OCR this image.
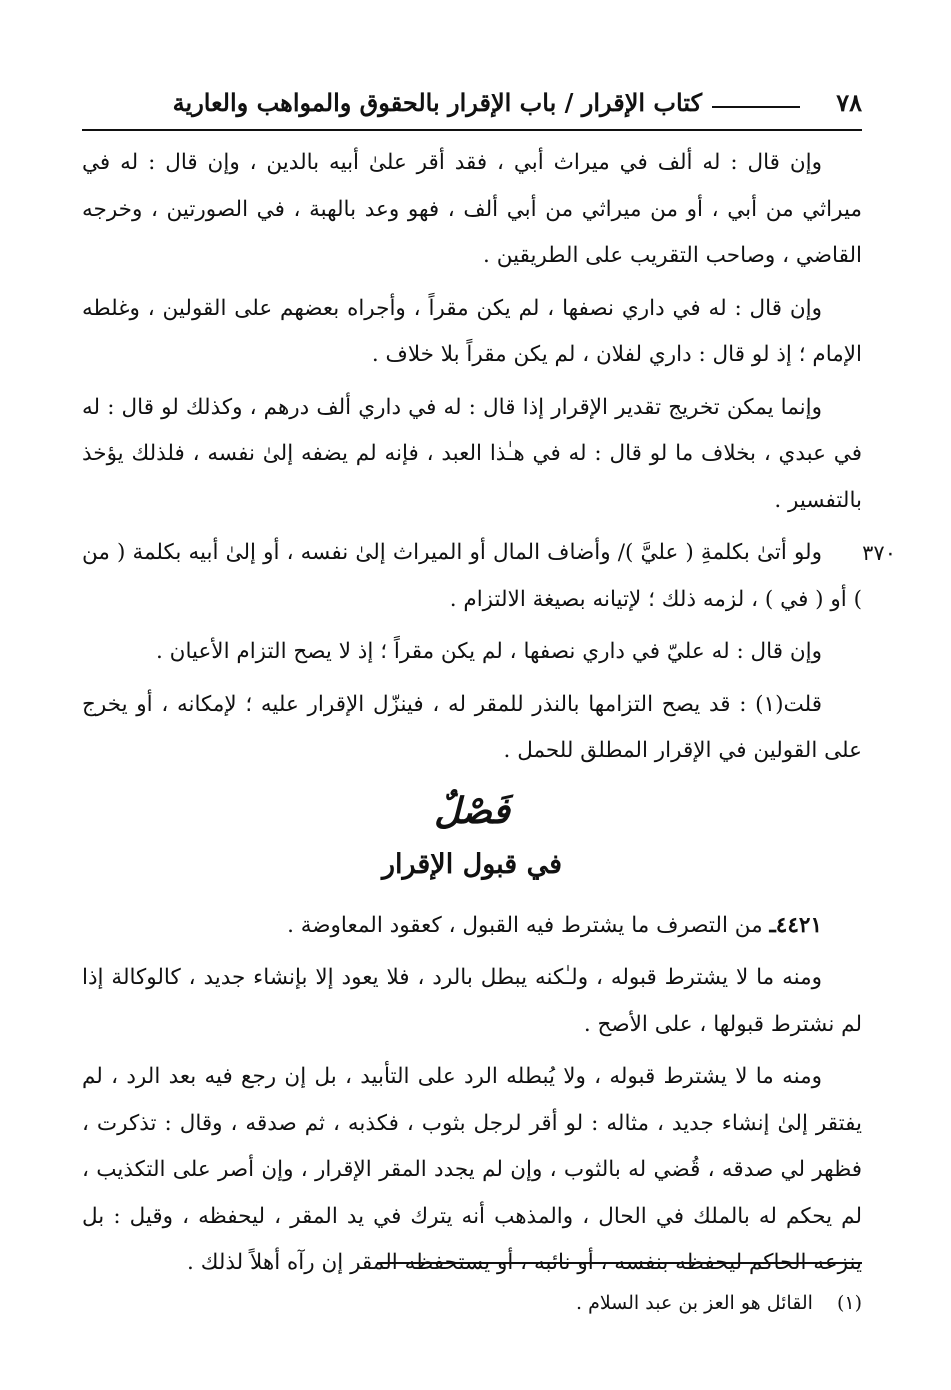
٧٨
كتاب الإقرار / باب الإقرار بالحقوق والمواهب والعارية

وإن قال : له ألف في ميراث أبي ، فقد أقر علىٰ أبيه بالدين ، وإن قال : له في ميراثي من أبي ، أو من ميراثي من أبي ألف ، فهو وعد بالهبة ، في الصورتين ، وخرجه القاضي ، وصاحب التقريب على الطريقين .

وإن قال : له في داري نصفها ، لم يكن مقراً ، وأجراه بعضهم على القولين ، وغلطه الإمام ؛ إذ لو قال : داري لفلان ، لم يكن مقراً بلا خلاف .

وإنما يمكن تخريج تقدير الإقرار إذا قال : له في داري ألف درهم ، وكذلك لو قال : له في عبدي ، بخلاف ما لو قال : له في هـٰذا العبد ، فإنه لم يضفه إلىٰ نفسه ، فلذلك يؤخذ بالتفسير .

٣٧٠
ولو أتىٰ بكلمةِ ( عليَّ )/ وأضاف المال أو الميراث إلىٰ نفسه ، أو إلىٰ أبيه بكلمة ( من ) أو ( في ) ، لزمه ذلك ؛ لإتيانه بصيغة الالتزام .

وإن قال : له عليّ في داري نصفها ، لم يكن مقراً ؛ إذ لا يصح التزام الأعيان .

قلت(١) : قد يصح التزامها بالنذر للمقر له ، فينزّل الإقرار عليه ؛ لإمكانه ، أو يخرج على القولين في الإقرار المطلق للحمل .

فَصْلٌ
في قبول الإقرار

٤٤٢١ـ من التصرف ما يشترط فيه القبول ، كعقود المعاوضة .

ومنه ما لا يشترط قبوله ، ولـٰكنه يبطل بالرد ، فلا يعود إلا بإنشاء جديد ، كالوكالة إذا لم نشترط قبولها ، على الأصح .

ومنه ما لا يشترط قبوله ، ولا يُبطله الرد على التأبيد ، بل إن رجع فيه بعد الرد ، لم يفتقر إلىٰ إنشاء جديد ، مثاله : لو أقر لرجل بثوب ، فكذبه ، ثم صدقه ، وقال : تذكرت ، فظهر لي صدقه ، قُضي له بالثوب ، وإن لم يجدد المقر الإقرار ، وإن أصر على التكذيب ، لم يحكم له بالملك في الحال ، والمذهب أنه يترك في يد المقر ، ليحفظه ، وقيل : بل ينزعه الحاكم ليحفظه بنفسه ، أو نائبه ، أو يستحفظه المقر إن رآه أهلاً لذلك .

(١) القائل هو العز بن عبد السلام .
